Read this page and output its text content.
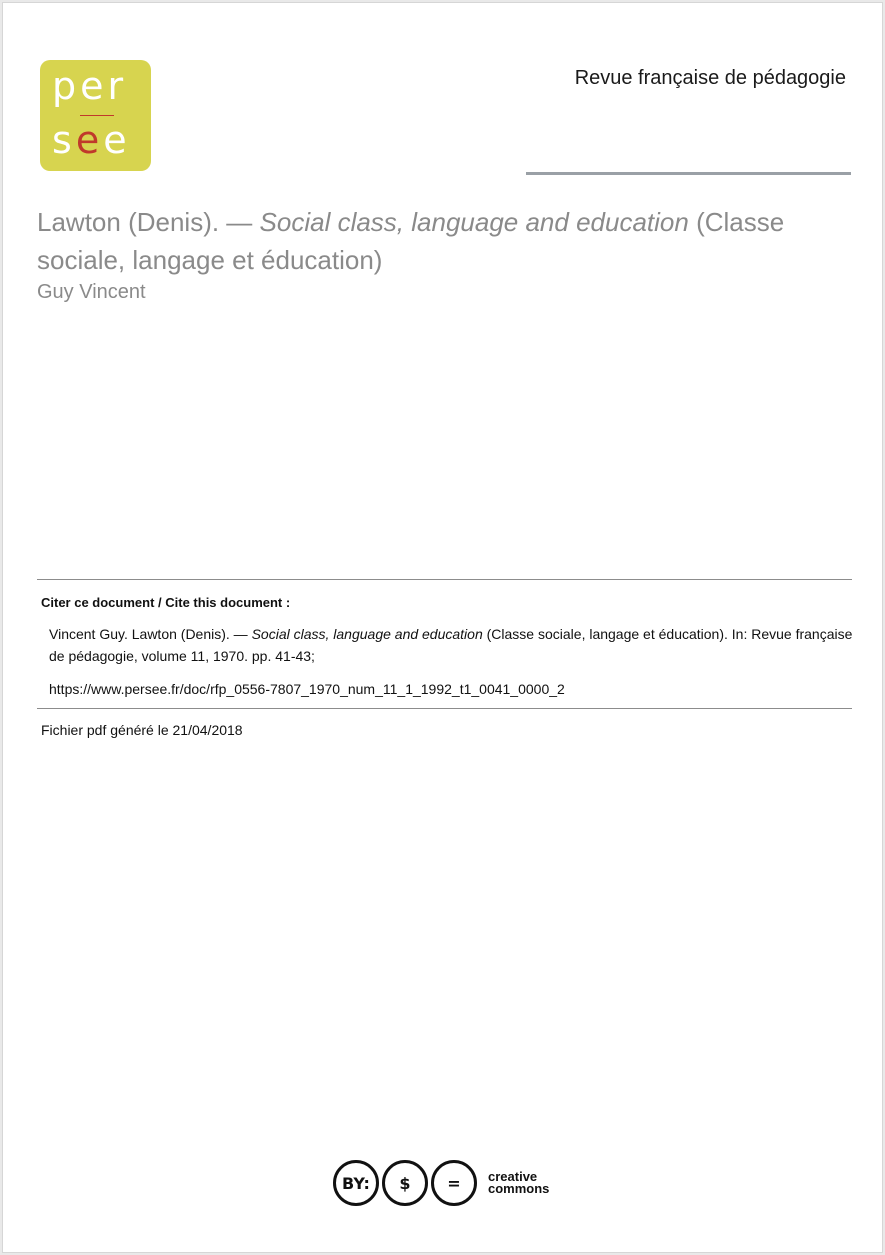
per
see
Revue française de pédagogie
Lawton (Denis). — Social class, language and education (Classe sociale, langage et éducation)
Guy Vincent
Citer ce document / Cite this document :
Vincent Guy. Lawton (Denis). — Social class, language and education (Classe sociale, langage et éducation). In: Revue française de pédagogie, volume 11, 1970. pp. 41-43;
https://www.persee.fr/doc/rfp_0556-7807_1970_num_11_1_1992_t1_0041_0000_2
Fichier pdf généré le 21/04/2018
BY:	$	=	creative
commons
